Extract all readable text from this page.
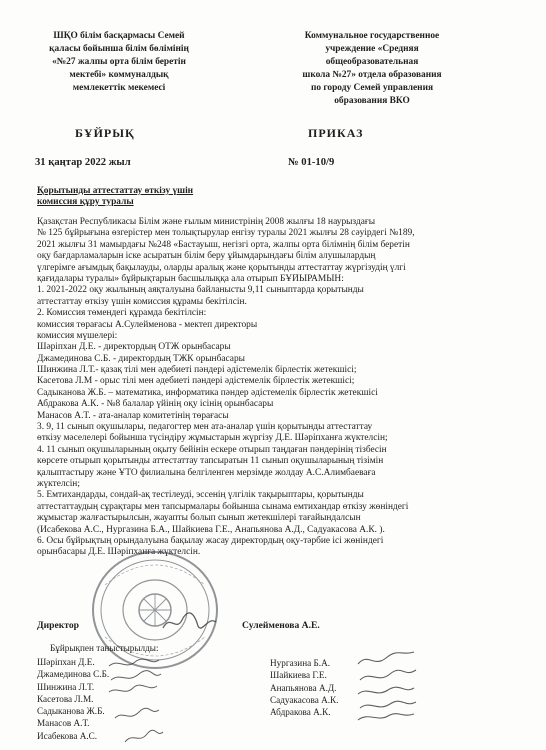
ШҚО білім басқармасы Семей
қаласы бойынша білім бөлімінің
«№27 жалпы орта білім беретін
мектебі» коммуналдық
мемлекеттік мекемесі
Коммунальное государственное
учреждение «Средняя
общеобразовательная
школа №27» отдела образования
по городу Семей управления
образования ВКО
БҰЙРЫҚ	ПРИКАЗ
31 қаңтар 2022 жыл	№ 01-10/9
Қорытынды аттестаттау өткізу үшін
комиссия құру туралы
Қазақстан Республикасы Білім және ғылым министрінің 2008 жылғы 18 наурыздағы
№ 125 бұйрығына өзгерістер мен толықтырулар енгізу туралы 2021 жылғы 28 сәуірдегі №189,
2021 жылғы 31 мамырдағы №248 «Бастауыш, негізгі орта, жалпы орта білімнің білім беретін
оқу бағдарламаларын іске асыратын білім беру ұйымдарындағы білім алушылардың
үлгерімге ағымдық бақылауды, оларды аралық және қорытынды аттестаттау жүргізудің үлгі
қағидалары туралы» бұйрықтарын басшылыққа ала отырып БҰЙЫРАМЫН:
1. 2021-2022 оқу жылының аяқталуына байланысты 9,11 сыныптарда қорытынды
аттестаттау өткізу үшін комиссия құрамы бекітілсін.
2. Комиссия төмендегі құрамда бекітілсін:
комиссия төрағасы А.Сулейменова - мектеп директоры
комиссия мүшелері:
Шәріпхан Д.Е. - директордың ОТЖ орынбасары
Джамединова С.Б. - директордың ТЖК орынбасары
Шинжина Л.Т.- қазақ тілі мен әдебиеті пәндері әдістемелік бірлестік жетекшісі;
Касетова Л.М - орыс тілі мен әдебиеті пәндері әдістемелік бірлестік жетекшісі;
Садыканова Ж.Б. – математика, информатика пәндер әдістемелік бірлестік жетекшісі
Абдракова А.К. - №8 балалар үйінің оқу ісінің орынбасары
Манасов А.Т. - ата-аналар комитетінің төрағасы
3. 9, 11 сынып оқушылары, педагогтер мен ата-аналар үшін қорытынды аттестаттау
өткізу мәселелері бойынша түсіндіру жұмыстарын жүргізу Д.Е. Шәріпханға жүктелсін;
4. 11 сынып оқушыларының оқыту бейінін ескере отырып таңдаған пәндерінің тізбесін
көрсете отырып қорытынды аттестаттау тапсыратын 11 сынып оқушыларының тізімін
қалыптастыру және ҰТО филиалына белгіленген мерзімде жолдау А.С.Алимбаеваға
жүктелсін;
5. Емтихандарды, сондай-ақ тестілеуді, эссенің үлгілік тақырыптары, қорытынды
аттестаттаудың сұрақтары мен тапсырмалары бойынша сынама емтихандар өткізу жөніндегі
жұмыстар жалғастырылсын, жауапты болып сынып жетекшілері тағайындалсын
(Исабекова А.С., Нургазина Б.А., Шайкиева Г.Е., Анапьянова А.Д., Садуакасова А.К. ).
6. Осы бұйрықтың орындалуына бақылау жасау директордың оқу-тәрбие ісі жөніндегі
орынбасары Д.Е. Шәріпханға жүктелсін.
Директор	Сулейменова А.Е.
Бұйрықпен таныстырылды:
Шәріпхан Д.Е.
Джамединова С.Б.
Шинжина Л.Т.
Касетова Л.М.
Садыканова Ж.Б.
Манасов А.Т.
Исабекова А.С.
Нургазина Б.А.
Шайкиева Г.Е.
Анапьянова А.Д.
Садуакасова А.К.
Абдракова А.К.
